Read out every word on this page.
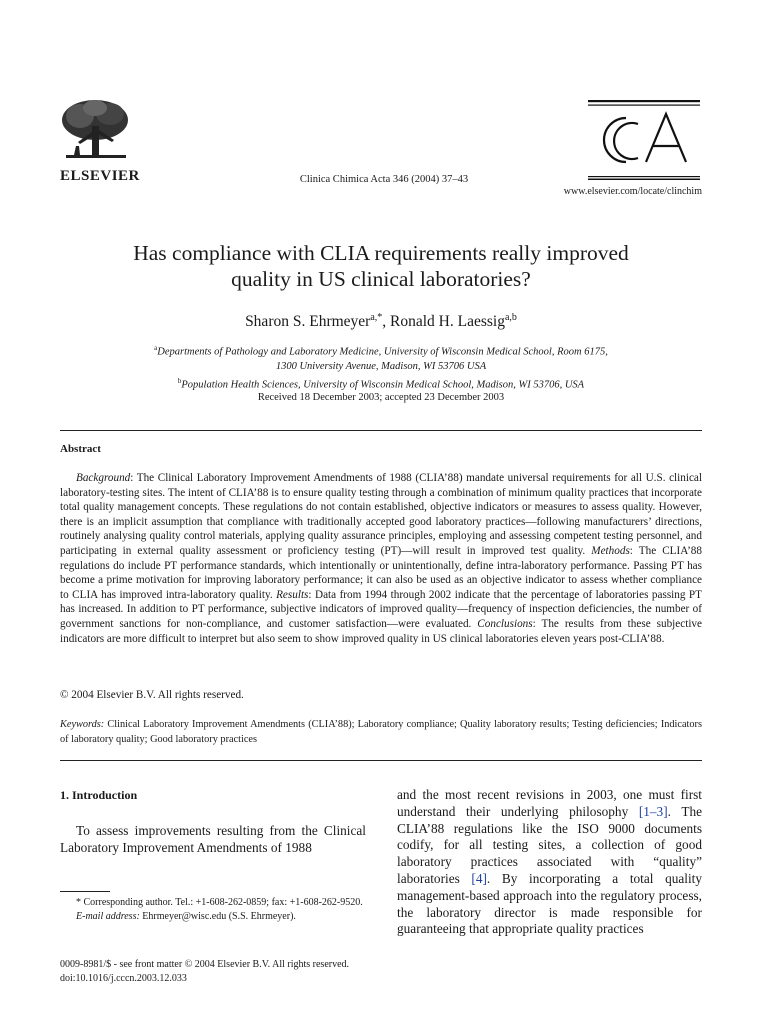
ELSEVIER	Clinica Chimica Acta 346 (2004) 37–43
www.elsevier.com/locate/clinchim
Has compliance with CLIA requirements really improved
quality in US clinical laboratories?
Sharon S. Ehrmeyer$^{a,*}$, Ronald H. Laessig$^{a,b}$
$^a$Departments of Pathology and Laboratory Medicine, University of Wisconsin Medical School, Room 6175,
1300 University Avenue, Madison, WI 53706 USA
$^b$Population Health Sciences, University of Wisconsin Medical School, Madison, WI 53706, USA
Received 18 December 2003; accepted 23 December 2003
Abstract
Background: The Clinical Laboratory Improvement Amendments of 1988 (CLIA’88) mandate universal requirements for all U.S. clinical laboratory-testing sites. The intent of CLIA’88 is to ensure quality testing through a combination of minimum quality practices that incorporate total quality management concepts. These regulations do not contain established, objective indicators or measures to assess quality. However, there is an implicit assumption that compliance with traditionally accepted good laboratory practices—following manufacturers’ directions, routinely analysing quality control materials, applying quality assurance principles, employing and assessing competent testing personnel, and participating in external quality assessment or proficiency testing (PT)—will result in improved test quality. Methods: The CLIA’88 regulations do include PT performance standards, which intentionally or unintentionally, define intra-laboratory performance. Passing PT has become a prime motivation for improving laboratory performance; it can also be used as an objective indicator to assess whether compliance to CLIA has improved intra-laboratory quality. Results: Data from 1994 through 2002 indicate that the percentage of laboratories passing PT has increased. In addition to PT performance, subjective indicators of improved quality—frequency of inspection deficiencies, the number of government sanctions for non-compliance, and customer satisfaction—were evaluated. Conclusions: The results from these subjective indicators are more difficult to interpret but also seem to show improved quality in US clinical laboratories eleven years post-CLIA’88.
© 2004 Elsevier B.V. All rights reserved.
Keywords: Clinical Laboratory Improvement Amendments (CLIA’88); Laboratory compliance; Quality laboratory results; Testing deficiencies; Indicators of laboratory quality; Good laboratory practices
1. Introduction
To assess improvements resulting from the Clinical Laboratory Improvement Amendments of 1988
and the most recent revisions in 2003, one must first understand their underlying philosophy [1–3]. The CLIA’88 regulations like the ISO 9000 documents codify, for all testing sites, a collection of good laboratory practices associated with “quality” laboratories [4]. By incorporating a total quality management-based approach into the regulatory process, the laboratory director is made responsible for guaranteeing that appropriate quality practices
* Corresponding author. Tel.: +1-608-262-0859; fax: +1-608-262-9520.
E-mail address: Ehrmeyer@wisc.edu (S.S. Ehrmeyer).
0009-8981/$ - see front matter © 2004 Elsevier B.V. All rights reserved.
doi:10.1016/j.cccn.2003.12.033
